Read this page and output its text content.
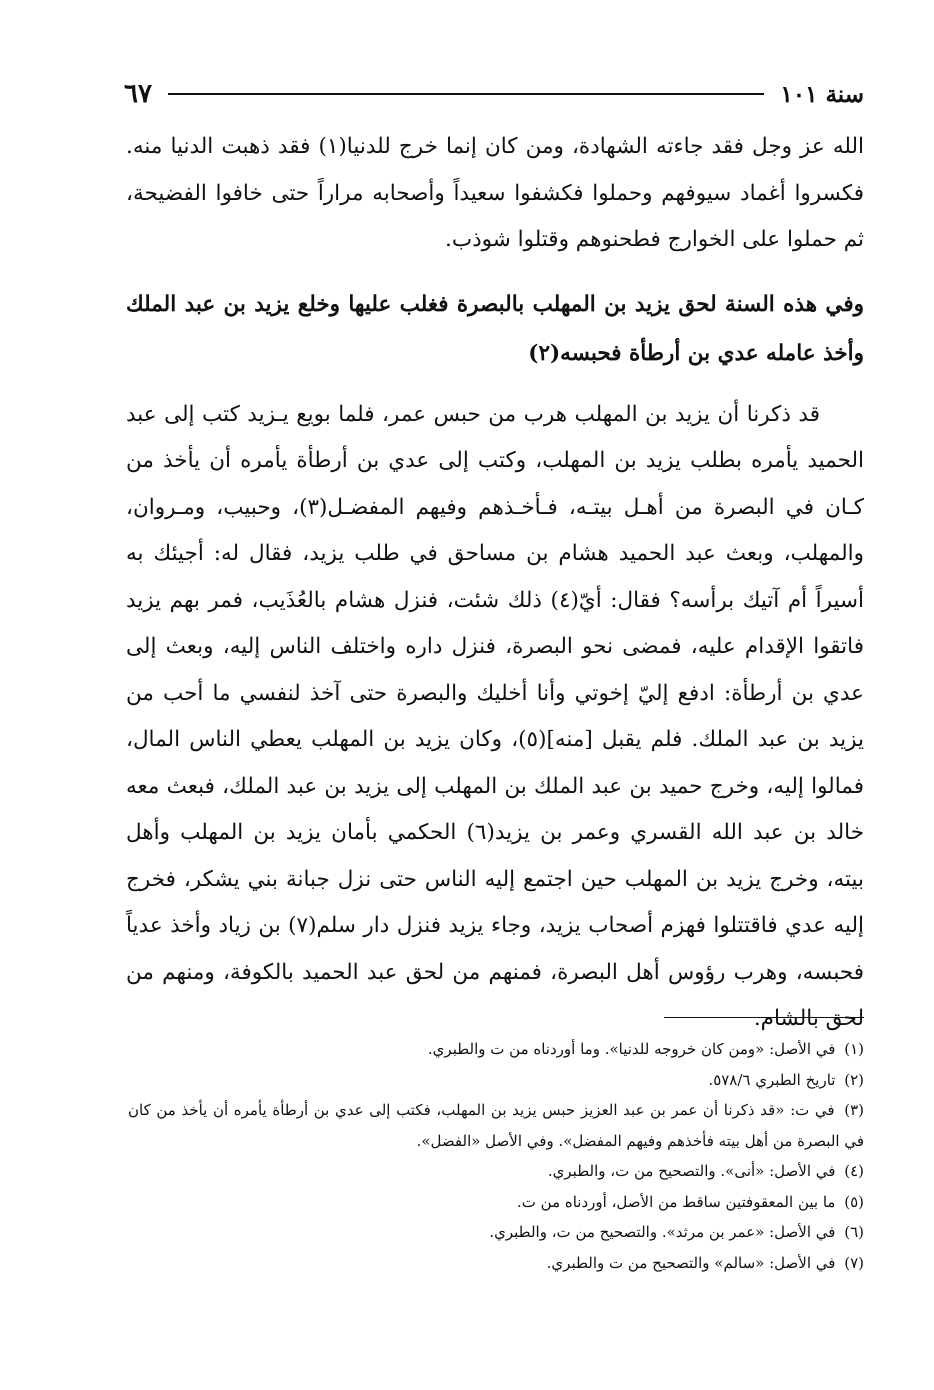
سنة ١٠١
٦٧

الله عز وجل فقد جاءته الشهادة، ومن كان إنما خرج للدنيا(١) فقد ذهبت الدنيا منه. فكسروا أغماد سيوفهم وحملوا فكشفوا سعيداً وأصحابه مراراً حتى خافوا الفضيحة، ثم حملوا على الخوارج فطحنوهم وقتلوا شوذب.

وفي هذه السنة لحق يزيد بن المهلب بالبصرة فغلب عليها وخلع يزيد بن عبد الملك وأخذ عامله عدي بن أرطأة فحبسه(٢)

قد ذكرنا أن يزيد بن المهلب هرب من حبس عمر، فلما بويع يـزيد كتب إلى عبد الحميد يأمره بطلب يزيد بن المهلب، وكتب إلى عدي بن أرطأة يأمره أن يأخذ من كـان في البصرة من أهـل بيتـه، فـأخـذهم وفيهم المفضـل(٣)، وحبيب، ومـروان، والمهلب، وبعث عبد الحميد هشام بن مساحق في طلب يزيد، فقال له: أجيئك به أسيراً أم آتيك برأسه؟ فقال: أيّ(٤) ذلك شئت، فنزل هشام بالعُذَيب، فمر بهم يزيد فاتقوا الإقدام عليه، فمضى نحو البصرة، فنزل داره واختلف الناس إليه، وبعث إلى عدي بن أرطأة: ادفع إليّ إخوتي وأنا أخليك والبصرة حتى آخذ لنفسي ما أحب من يزيد بن عبد الملك. فلم يقبل [منه](٥)، وكان يزيد بن المهلب يعطي الناس المال، فمالوا إليه، وخرج حميد بن عبد الملك بن المهلب إلى يزيد بن عبد الملك، فبعث معه خالد بن عبد الله القسري وعمر بن يزيد(٦) الحكمي بأمان يزيد بن المهلب وأهل بيته، وخرج يزيد بن المهلب حين اجتمع إليه الناس حتى نزل جبانة بني يشكر، فخرج إليه عدي فاقتتلوا فهزم أصحاب يزيد، وجاء يزيد فنزل دار سلم(٧) بن زياد وأخذ عدياً فحبسه، وهرب رؤوس أهل البصرة، فمنهم من لحق عبد الحميد بالكوفة، ومنهم من لحق بالشام.

(١) في الأصل: «ومن كان خروجه للدنيا». وما أوردناه من ت والطبري.

(٢) تاريخ الطبري ٥٧٨/٦.

(٣) في ت: «قد ذكرنا أن عمر بن عبد العزيز حبس يزيد بن المهلب، فكتب إلى عدي بن أرطأة يأمره أن يأخذ من كان في البصرة من أهل بيته فأخذهم وفيهم المفضل». وفي الأصل «الفضل».

(٤) في الأصل: «أنى». والتصحيح من ت، والطبري.

(٥) ما بين المعقوفتين ساقط من الأصل، أوردناه من ت.

(٦) في الأصل: «عمر بن مرثد». والتصحيح من ت، والطبري.

(٧) في الأصل: «سالم» والتصحيح من ت والطبري.
